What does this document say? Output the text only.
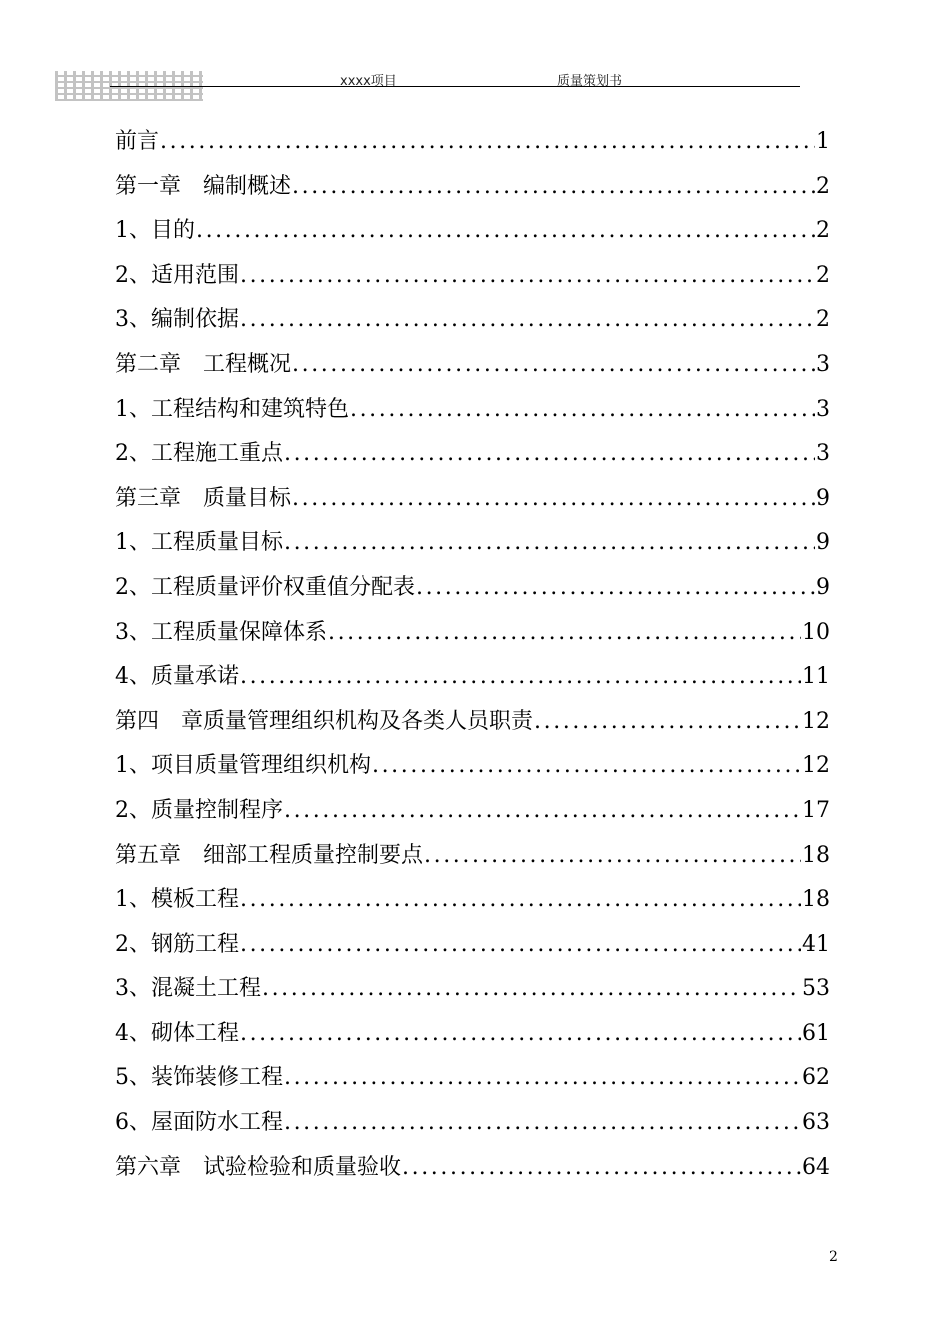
xxxx项目	质量策划书
前言 .....	1
第一章　编制概述 .....	2
1、目的 .....	2
2、适用范围 .....	2
3、编制依据 .....	2
第二章　工程概况 .....	3
1、工程结构和建筑特色 .....	3
2、工程施工重点 .....	3
第三章　质量目标 .....	9
1、工程质量目标 .....	9
2、工程质量评价权重值分配表 .....	9
3、工程质量保障体系 .....	10
4、质量承诺 .....	11
第四　章质量管理组织机构及各类人员职责 .....	12
1、项目质量管理组织机构 .....	12
2、质量控制程序 .....	17
第五章　细部工程质量控制要点 .....	18
1、模板工程 .....	18
2、钢筋工程 .....	41
3、混凝土工程 .....	53
4、砌体工程 .....	61
5、装饰装修工程 .....	62
6、屋面防水工程 .....	63
第六章　试验检验和质量验收 .....	64
2
